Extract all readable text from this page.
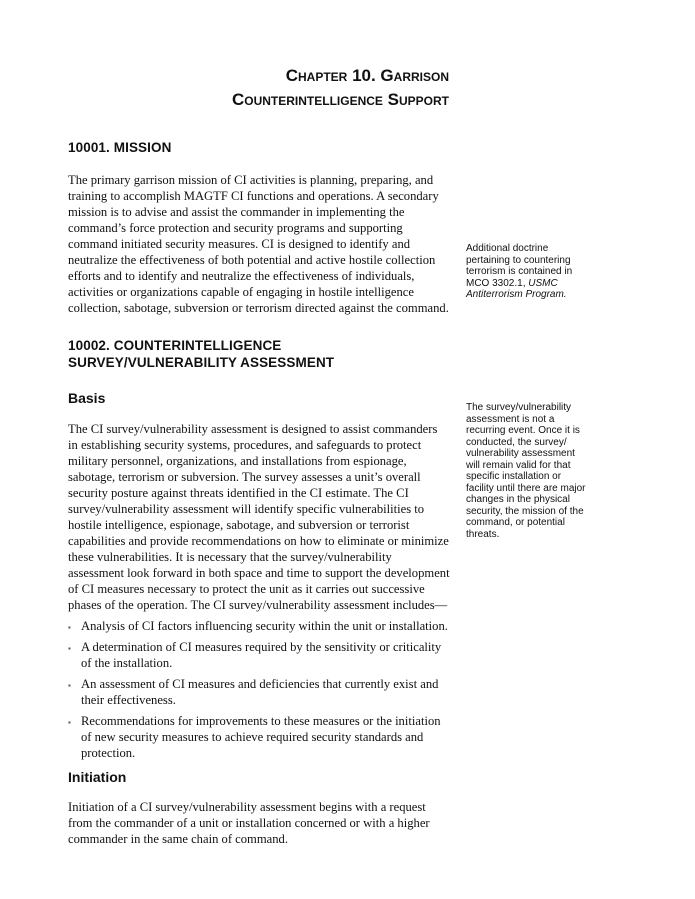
Chapter 10. Garrison
Counterintelligence Support
10001. MISSION

The primary garrison mission of CI activities is planning, preparing, and training to accomplish MAGTF CI functions and operations. A secondary mission is to advise and assist the commander in implementing the command’s force protection and security programs and supporting command initiated security measures. CI is designed to identify and neutralize the effectiveness of both potential and active hostile collection efforts and to identify and neutralize the effectiveness of individuals, activities or organizations capable of engaging in hostile intelligence collection, sabotage, subversion or terrorism directed against the command.

Additional doctrine pertaining to countering terrorism is contained in MCO 3302.1, USMC Antiterrorism Program.

10002. COUNTERINTELLIGENCE
SURVEY/VULNERABILITY ASSESSMENT
Basis

The survey/vulnerability assessment is not a recurring event. Once it is conducted, the survey/ vulnerability assessment will remain valid for that specific installation or facility until there are major changes in the physical security, the mission of the command, or potential threats.

The CI survey/vulnerability assessment is designed to assist commanders in establishing security systems, procedures, and safeguards to protect military personnel, organizations, and installations from espionage, sabotage, terrorism or subversion. The survey assesses a unit’s overall security posture against threats identified in the CI estimate. The CI survey/vulnerability assessment will identify specific vulnerabilities to hostile intelligence, espionage, sabotage, and subversion or terrorist capabilities and provide recommendations on how to eliminate or minimize these vulnerabilities. It is necessary that the survey/vulnerability assessment look forward in both space and time to support the development of CI measures necessary to protect the unit as it carries out successive phases of the operation. The CI survey/vulnerability assessment includes—

▪ Analysis of CI factors influencing security within the unit or installation.
▪ A determination of CI measures required by the sensitivity or criticality of the installation.
▪ An assessment of CI measures and deficiencies that currently exist and their effectiveness.
▪ Recommendations for improvements to these measures or the initiation of new security measures to achieve required security standards and protection.
Initiation

Initiation of a CI survey/vulnerability assessment begins with a request from the commander of a unit or installation concerned or with a higher commander in the same chain of command.
